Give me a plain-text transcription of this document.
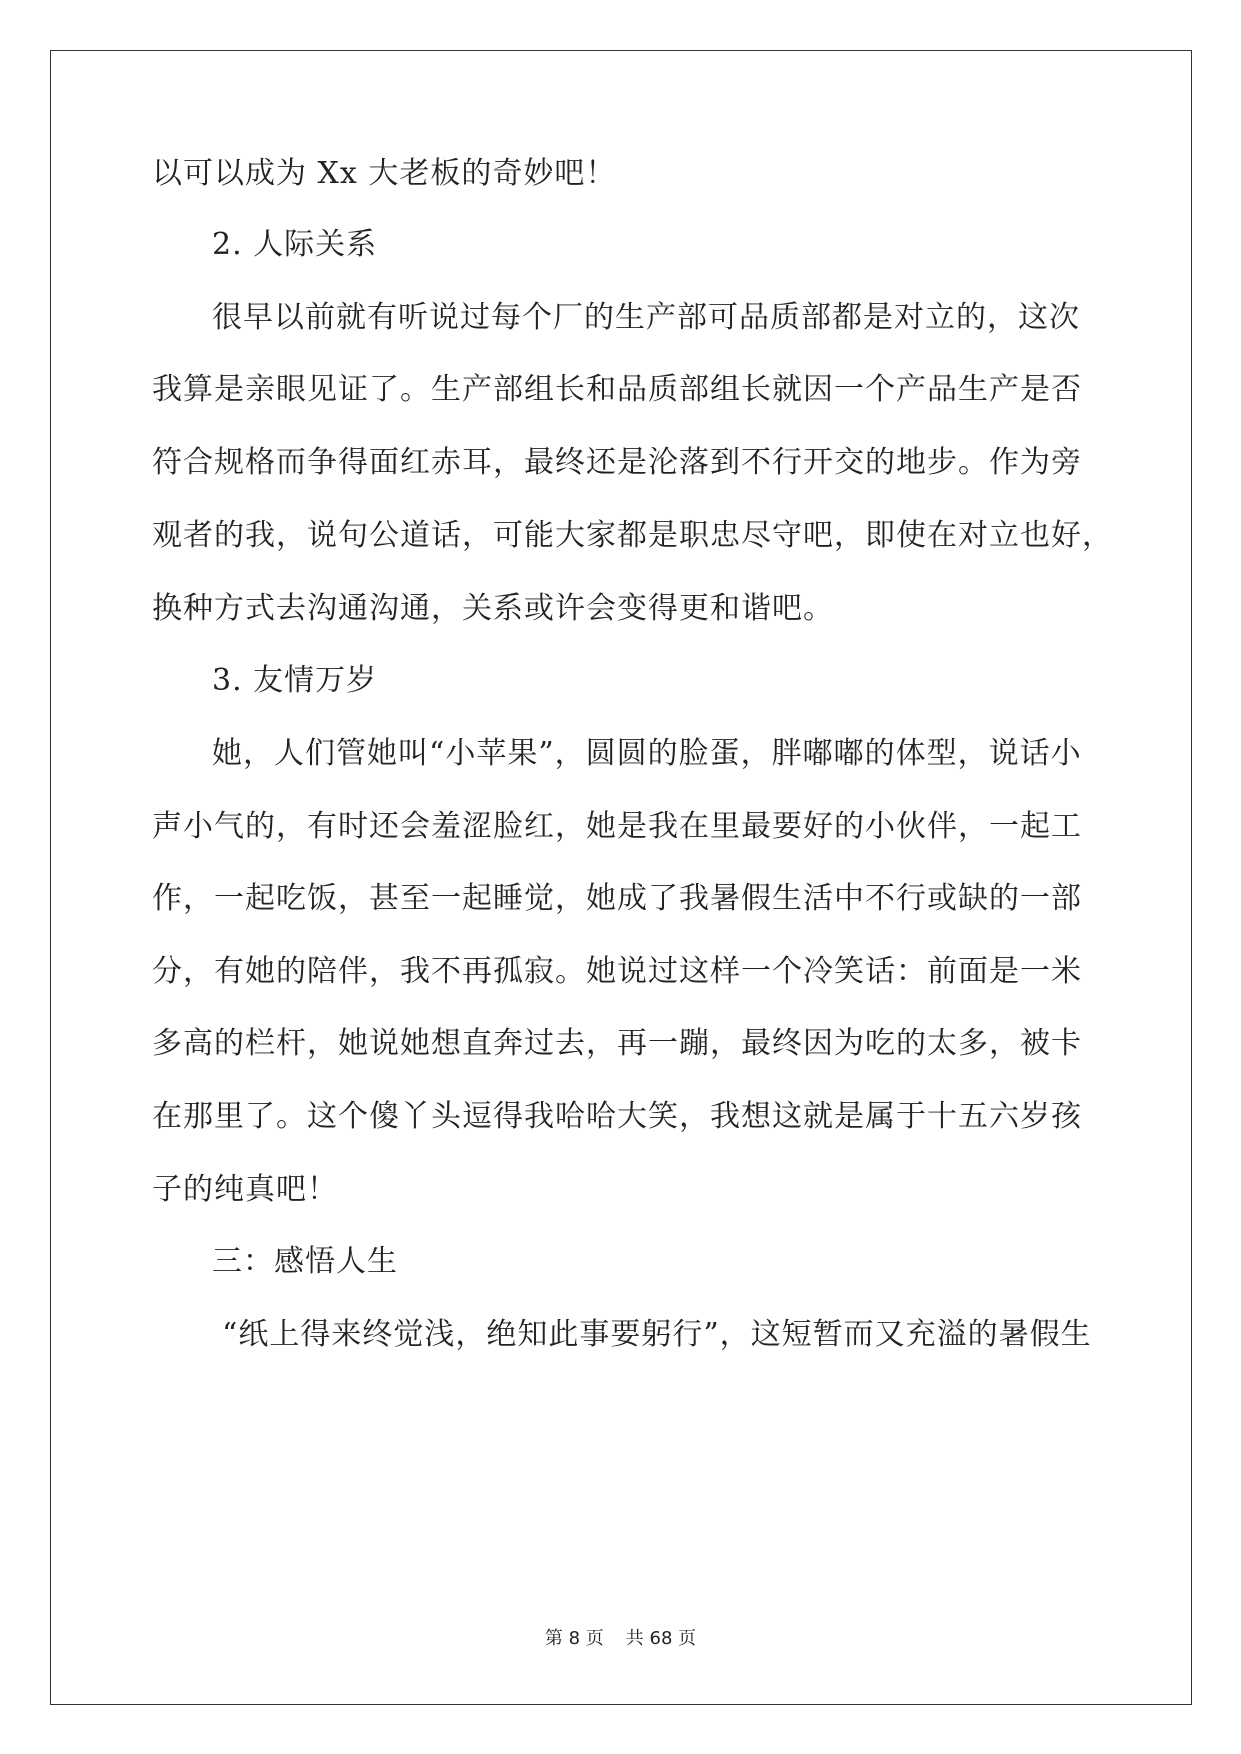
以可以成为 Xx 大老板的奇妙吧！
2. 人际关系
很早以前就有听说过每个厂的生产部可品质部都是对立的，这次
我算是亲眼见证了。生产部组长和品质部组长就因一个产品生产是否
符合规格而争得面红赤耳，最终还是沦落到不行开交的地步。作为旁
观者的我，说句公道话，可能大家都是职忠尽守吧，即使在对立也好，
换种方式去沟通沟通，关系或许会变得更和谐吧。
3. 友情万岁
她，人们管她叫“小苹果”，圆圆的脸蛋，胖嘟嘟的体型，说话小
声小气的，有时还会羞涩脸红，她是我在里最要好的小伙伴，一起工
作，一起吃饭，甚至一起睡觉，她成了我暑假生活中不行或缺的一部
分，有她的陪伴，我不再孤寂。她说过这样一个冷笑话：前面是一米
多高的栏杆，她说她想直奔过去，再一蹦，最终因为吃的太多，被卡
在那里了。这个傻丫头逗得我哈哈大笑，我想这就是属于十五六岁孩
子的纯真吧！
三：感悟人生
“纸上得来终觉浅，绝知此事要躬行”，这短暂而又充溢的暑假生
第 8 页 共 68 页
